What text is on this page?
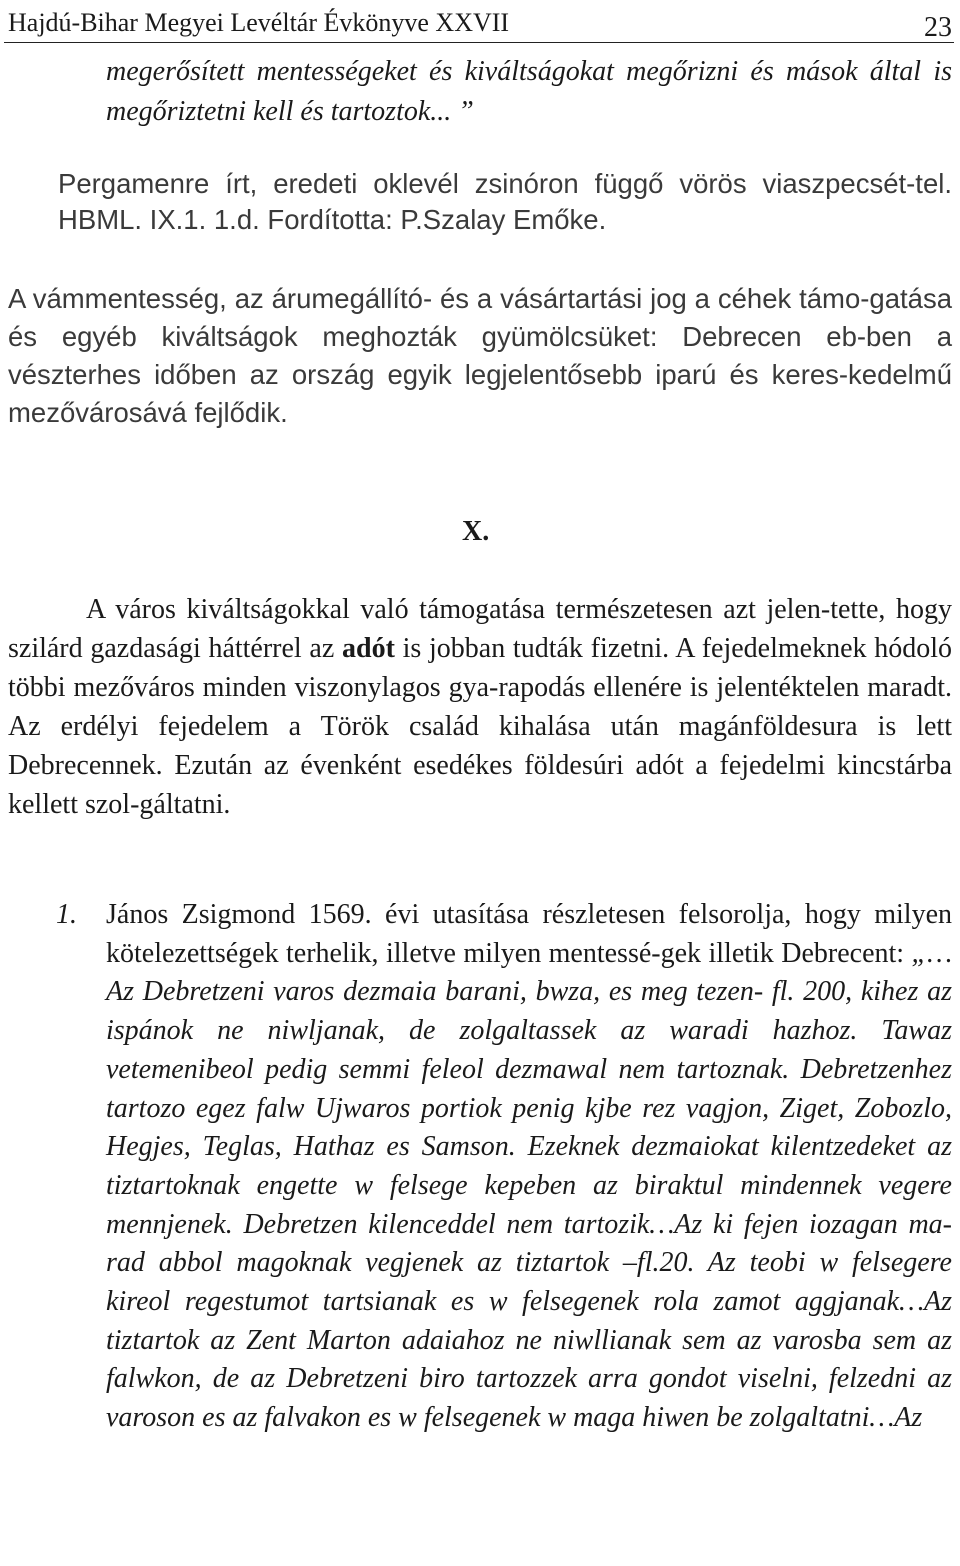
Hajdú-Bihar Megyei Levéltár Évkönyve XXVII	23

megerősített mentességeket és kiváltságokat megőrizni és mások által is megőriztetni kell és tartoztok... ”

Pergamenre írt, eredeti oklevél zsinóron függő vörös viaszpecsét-tel. HBML. IX.1. 1.d. Fordította: P.Szalay Emőke.

A vámmentesség, az árumegállító- és a vásártartási jog a céhek támo-gatása és egyéb kiváltságok meghozták gyümölcsüket: Debrecen eb-ben a vészterhes időben az ország egyik legjelentősebb iparú és keres-kedelmű mezővárosává fejlődik.

X.

A város kiváltságokkal való támogatása természetesen azt jelen-tette, hogy szilárd gazdasági háttérrel az adót is jobban tudták fizetni. A fejedelmeknek hódoló többi mezőváros minden viszonylagos gya-rapodás ellenére is jelentéktelen maradt. Az erdélyi fejedelem a Török család kihalása után magánföldesura is lett Debrecennek. Ezután az évenként esedékes földesúri adót a fejedelmi kincstárba kellett szol-gáltatni.

1. János Zsigmond 1569. évi utasítása részletesen felsorolja, hogy milyen kötelezettségek terhelik, illetve milyen mentessé-gek illetik Debrecent: „… Az Debretzeni varos dezmaia barani, bwza, es meg tezen- fl. 200, kihez az ispánok ne niwljanak, de zolgaltassek az waradi hazhoz. Tawaz vetemenibeol pedig semmi feleol dezmawal nem tartoznak. Debretzenhez tartozo egez falw Ujwaros portiok penig kjbe rez vagjon, Ziget, Zobozlo, Hegjes, Teglas, Hathaz es Samson. Ezeknek dezmaiokat kilentzedeket az tiztartoknak engette w felsege kepeben az biraktul mindennek vegere mennjenek. Debretzen kilenceddel nem tartozik…Az ki fejen iozagan ma-rad abbol magoknak vegjenek az tiztartok –fl.20. Az teobi w felsegere kireol regestumot tartsianak es w felsegenek rola zamot aggjanak…Az tiztartok az Zent Marton adaiahoz ne niwllianak sem az varosba sem az falwkon, de az Debretzeni biro tartozzek arra gondot viselni, felzedni az varoson es az falvakon es w felsegenek w maga hiwen be zolgaltatni…Az
